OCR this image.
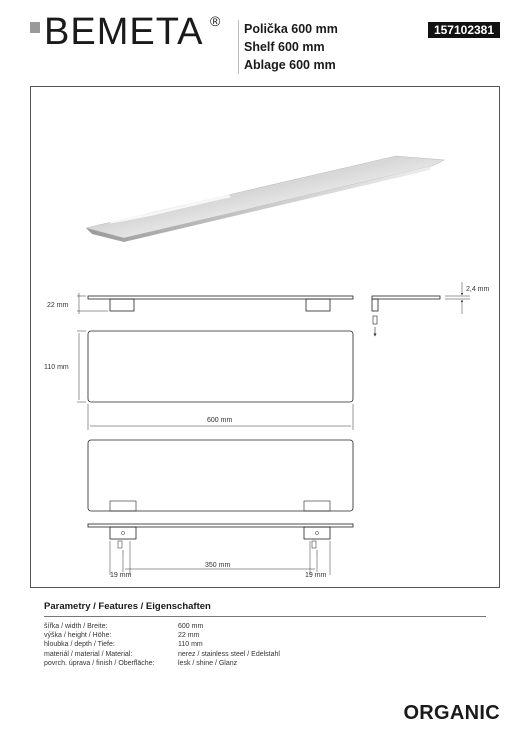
BEMETA ® Polička 600 mm
Shelf 600 mm
Ablage 600 mm
157102381
22 mm
2,4 mm
110 mm
600 mm
350 mm
19 mm	19 mm
Parametry / Features / Eigenschaften
šířka / width / Breite:	600 mm
výška / height / Höhe:	22 mm
hloubka / depth / Tiefe:	110 mm
materiál / material / Material:	nerez / stainless steel / Edelstahl
povrch. úprava / finish / Oberfläche:	lesk / shine / Glanz
ORGANIC
